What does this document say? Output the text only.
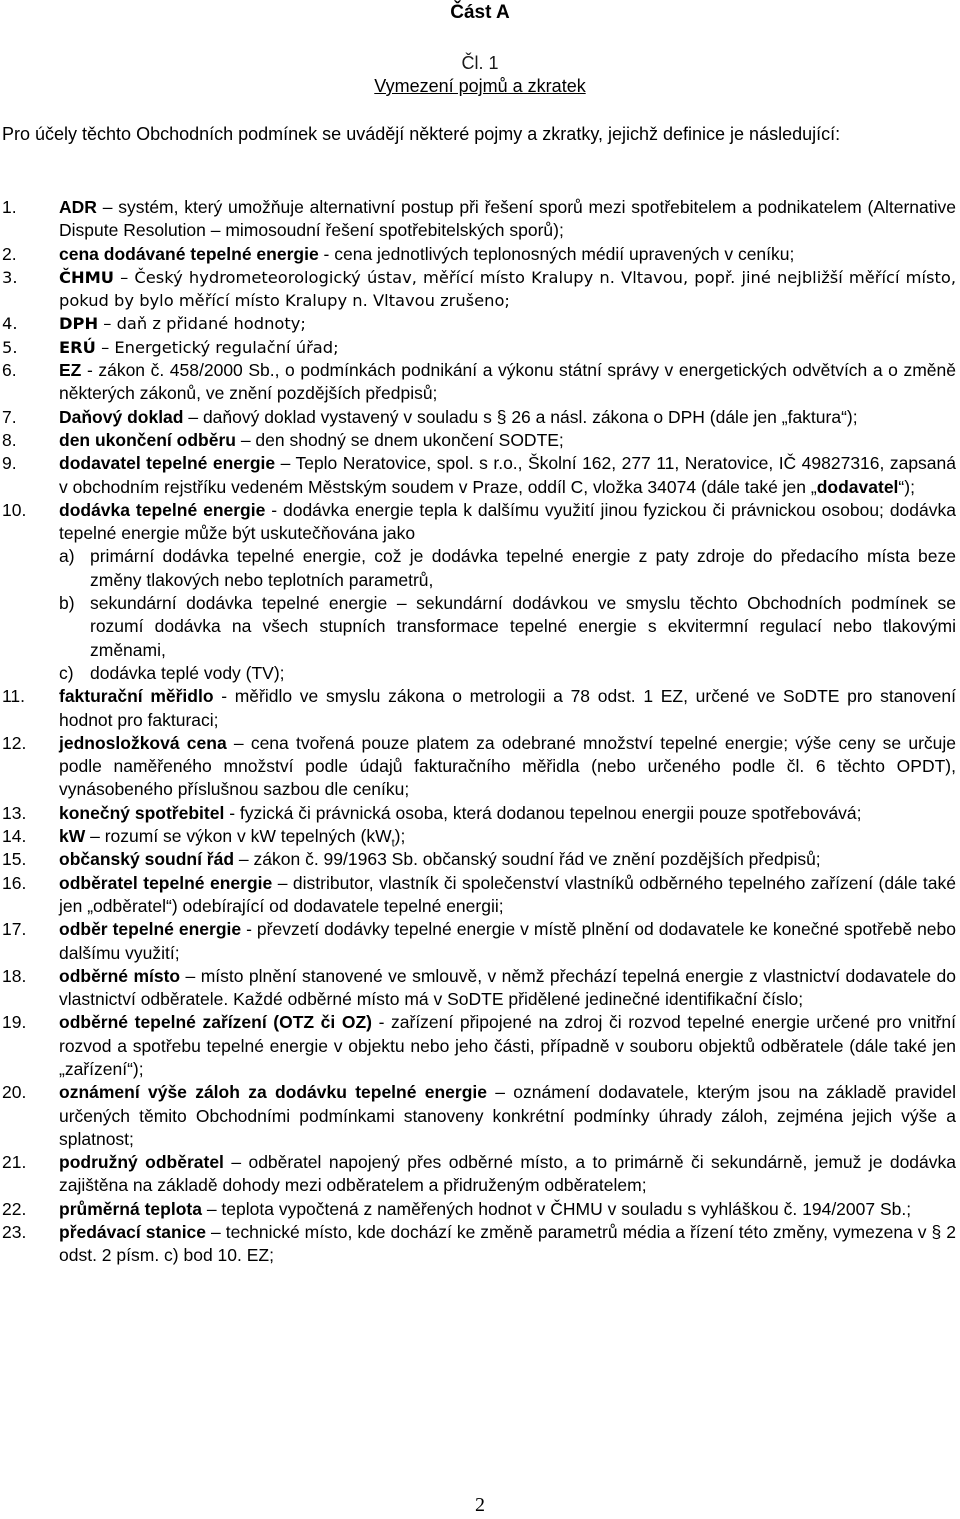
Část A
Čl. 1
Vymezení pojmů a zkratek
Pro účely těchto Obchodních podmínek se uvádějí některé pojmy a zkratky, jejichž definice je následující:
1. ADR – systém, který umožňuje alternativní postup při řešení sporů mezi spotřebitelem a podnikatelem (Alternative Dispute Resolution – mimosoudní řešení spotřebitelských sporů);
2. cena dodávané tepelné energie - cena jednotlivých teplonosných médií upravených v ceníku;
3.	ČHMU – Český hydrometeorologický ústav, měřící místo Kralupy n. Vltavou, popř. jiné nejbližší měřící místo, pokud by bylo měřící místo Kralupy n. Vltavou zrušeno;
4.	DPH – daň z přidané hodnoty;
5.	ERÚ – Energetický regulační úřad;
6. EZ - zákon č. 458/2000 Sb., o podmínkách podnikání a výkonu státní správy v energetických odvětvích a o změně některých zákonů, ve znění pozdějších předpisů;
7. Daňový doklad – daňový doklad vystavený v souladu s § 26 a násl. zákona o DPH (dále jen „faktura“);
8. den ukončení odběru – den shodný se dnem ukončení SODTE;
9. dodavatel tepelné energie – Teplo Neratovice, spol. s r.o., Školní 162, 277 11, Neratovice, IČ 49827316, zapsaná v obchodním rejstříku vedeném Městským soudem v Praze, oddíl C, vložka 34074 (dále také jen „dodavatel“);
10. dodávka tepelné energie - dodávka energie tepla k dalšímu využití jinou fyzickou či právnickou osobou; dodávka tepelné energie může být uskutečňována jako
a) primární dodávka tepelné energie, což je dodávka tepelné energie z paty zdroje do předacího místa beze změny tlakových nebo teplotních parametrů,
b) sekundární dodávka tepelné energie – sekundární dodávkou ve smyslu těchto Obchodních podmínek se rozumí dodávka na všech stupních transformace tepelné energie s ekvitermní regulací nebo tlakovými změnami,
c) dodávka teplé vody (TV);
11. fakturační měřidlo - měřidlo ve smyslu zákona o metrologii a 78 odst. 1 EZ, určené ve SoDTE pro stanovení hodnot pro fakturaci;
12. jednosložková cena – cena tvořená pouze platem za odebrané množství tepelné energie; výše ceny se určuje podle naměřeného množství podle údajů fakturačního měřidla (nebo určeného podle čl. 6 těchto OPDT), vynásobeného příslušnou sazbou dle ceníku;
13. konečný spotřebitel - fyzická či právnická osoba, která dodanou tepelnou energii pouze spotřebovává;
14. kW – rozumí se výkon v kW tepelných $(kW_t)$;
15. občanský soudní řád – zákon č. 99/1963 Sb. občanský soudní řád ve znění pozdějších předpisů;
16. odběratel tepelné energie – distributor, vlastník či společenství vlastníků odběrného tepelného zařízení (dále také jen „odběratel“) odebírající od dodavatele tepelné energii;
17. odběr tepelné energie - převzetí dodávky tepelné energie v místě plnění od dodavatele ke konečné spotřebě nebo dalšímu využití;
18. odběrné místo – místo plnění stanovené ve smlouvě, v němž přechází tepelná energie z vlastnictví dodavatele do vlastnictví odběratele. Každé odběrné místo má v SoDTE přidělené jedinečné identifikační číslo;
19. odběrné tepelné zařízení (OTZ či OZ) - zařízení připojené na zdroj či rozvod tepelné energie určené pro vnitřní rozvod a spotřebu tepelné energie v objektu nebo jeho části, případně v souboru objektů odběratele (dále také jen „zařízení“);
20. oznámení výše záloh za dodávku tepelné energie – oznámení dodavatele, kterým jsou na základě pravidel určených těmito Obchodními podmínkami stanoveny konkrétní podmínky úhrady záloh, zejména jejich výše a splatnost;
21. podružný odběratel – odběratel napojený přes odběrné místo, a to primárně či sekundárně, jemuž je dodávka zajištěna na základě dohody mezi odběratelem a přidruženým odběratelem;
22. průměrná teplota – teplota vypočtená z naměřených hodnot v ČHMU v souladu s vyhláškou č. 194/2007 Sb.;
23. předávací stanice – technické místo, kde dochází ke změně parametrů média a řízení této změny, vymezena v § 2 odst. 2 písm. c) bod 10. EZ;
2
